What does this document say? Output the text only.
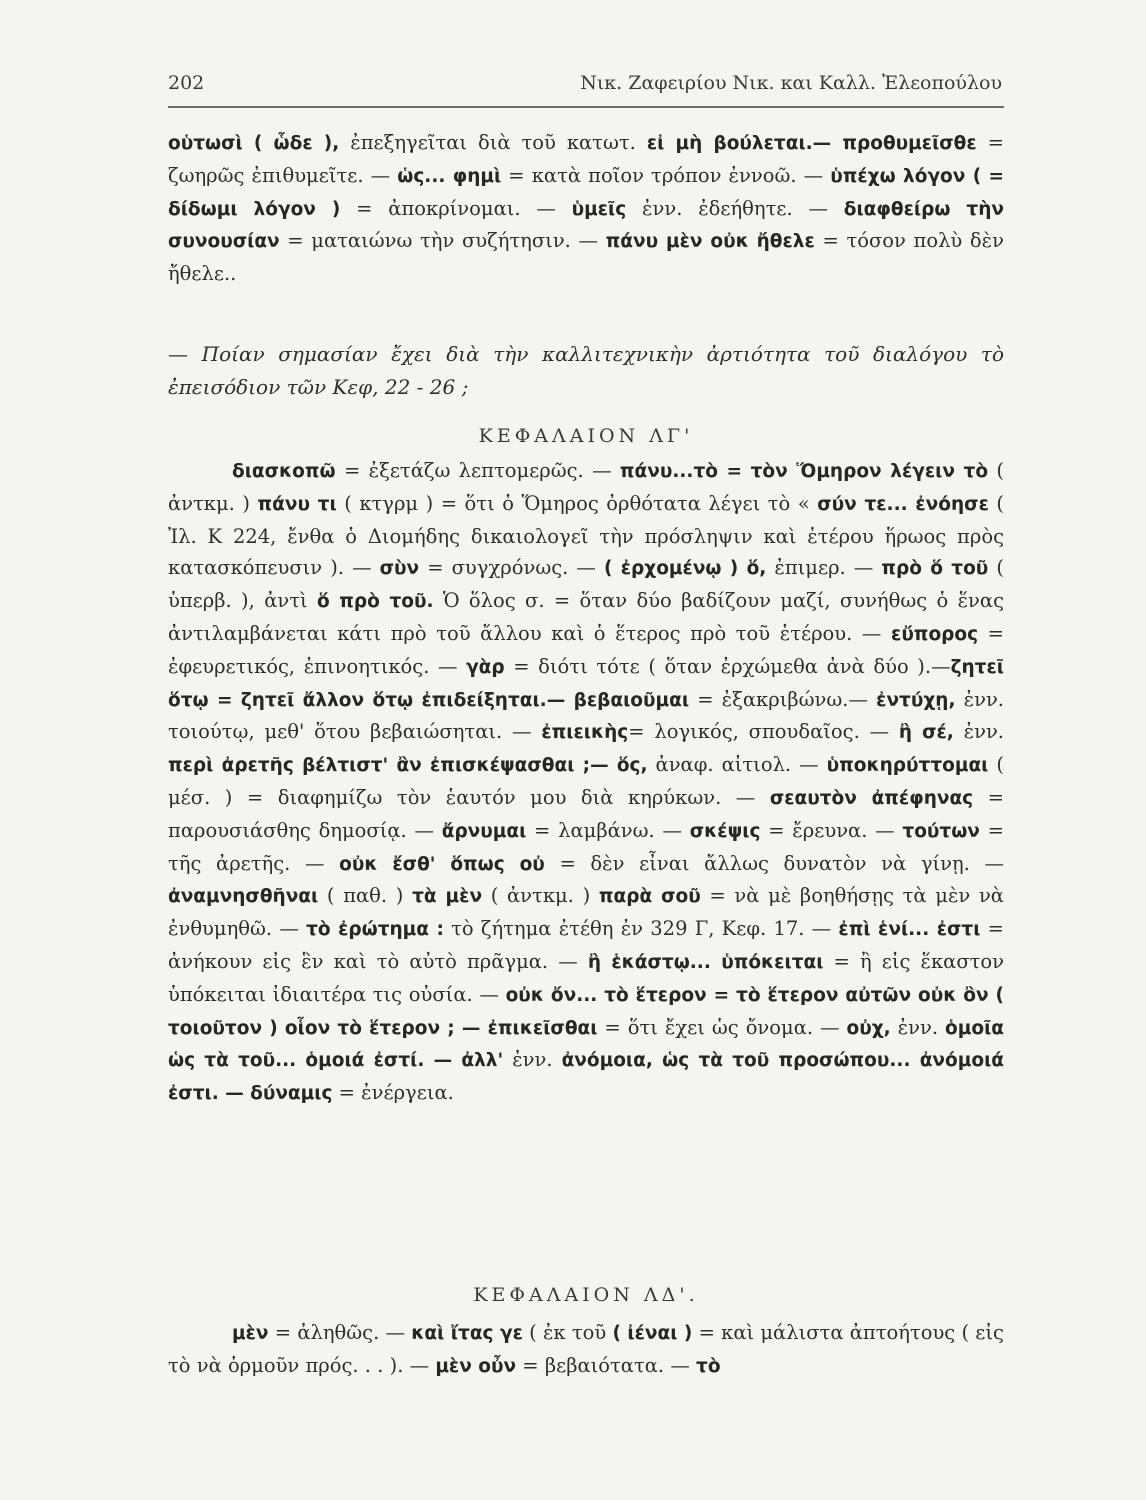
202	Νικ. Ζαφειρίου Νικ. και Καλλ. Ἐλεοπούλου

οὑτωσὶ ( ὧδε ), ἐπεξηγεῖται διὰ τοῦ κατωτ. εἰ μὴ βούλεται.— προθυμεῖσθε = ζωηρῶς ἐπιθυμεῖτε. — ὡς... φημὶ = κατὰ ποῖον τρόπον ἐννοῶ. — ὑπέχω λόγον ( = δίδωμι λόγον ) = ἀποκρίνομαι. — ὑμεῖς ἐνν. ἐδεήθητε. — διαφθείρω τὴν συνουσίαν = ματαιώνω τὴν συζήτησιν. — πάνυ μὲν οὐκ ἤθελε = τόσον πολὺ δὲν ἤθελε..

— Ποίαν σημασίαν ἔχει διὰ τὴν καλλιτεχνικὴν ἀρτιότητα τοῦ διαλόγου τὸ ἐπεισόδιον τῶν Κεφ, 22 - 26 ;

ΚΕΦΑΛΑΙΟΝ ΛΓ'

διασκοπῶ = ἐξετάζω λεπτομερῶς. — πάνυ...τὸ = τὸν Ὅμηρον λέγειν τὸ ( ἀντκμ. ) πάνυ τι ( κτγρμ ) = ὅτι ὁ Ὅμηρος ὀρθότατα λέγει τὸ « σύν τε... ἐνόησε ( Ἰλ. Κ 224, ἔνθα ὁ Διομήδης δικαιολογεῖ τὴν πρόσληψιν καὶ ἑτέρου ἥρωος πρὸς κατασκόπευσιν ). — σὺν = συγχρόνως. — ( ἐρχομένῳ ) ὅ, ἐπιμερ. — πρὸ ὅ τοῦ ( ὑπερβ. ), ἀντὶ ὅ πρὸ τοῦ. Ὁ ὅλος σ. = ὅταν δύο βαδίζουν μαζί, συνήθως ὁ ἕνας ἀντιλαμβάνεται κάτι πρὸ τοῦ ἄλλου καὶ ὁ ἕτερος πρὸ τοῦ ἑτέρου. — εὔπορος = ἐφευρετικός, ἐπινοητικός. — γὰρ = διότι τότε ( ὅταν ἐρχώμεθα ἀνὰ δύο ).—ζητεῖ ὅτῳ = ζητεῖ ἄλλον ὅτῳ ἐπιδείξηται.— βεβαιοῦμαι = ἐξακριβώνω.— ἐντύχῃ, ἐνν. τοιούτῳ, μεθ' ὅτου βεβαιώσηται. — ἐπιεικὴς= λογικός, σπουδαῖος. — ἢ σέ, ἐνν. περὶ ἀρετῆς βέλτιστ' ἂν ἐπισκέψασθαι ;— ὅς, ἀναφ. αἰτιολ. — ὑποκηρύττομαι ( μέσ. ) = διαφημίζω τὸν ἑαυτόν μου διὰ κηρύκων. — σεαυτὸν ἀπέφηνας = παρουσιάσθης δημοσίᾳ. — ἄρνυμαι = λαμβάνω. — σκέψις = ἔρευνα. — τούτων = τῆς ἀρετῆς. — οὐκ ἔσθ' ὅπως οὐ = δὲν εἶναι ἄλλως δυνατὸν νὰ γίνῃ. — ἀναμνησθῆναι ( παθ. ) τὰ μὲν ( ἀντκμ. ) παρὰ σοῦ = νὰ μὲ βοηθήσῃς τὰ μὲν νὰ ἐνθυμηθῶ. — τὸ ἐρώτημα : τὸ ζήτημα ἐτέθη ἐν 329 Γ, Κεφ. 17. — ἐπὶ ἑνί... ἐστι = ἀνήκουν εἰς ἓν καὶ τὸ αὐτὸ πρᾶγμα. — ἢ ἑκάστῳ... ὑπόκειται = ἢ εἰς ἕκαστον ὑπόκειται ἰδιαιτέρα τις οὐσία. — οὐκ ὄν... τὸ ἕτερον = τὸ ἕτερον αὐτῶν οὐκ ὂν ( τοιοῦτον ) οἷον τὸ ἕτερον ; — ἐπικεῖσθαι = ὅτι ἔχει ὡς ὄνομα. — οὐχ, ἐνν. ὁμοῖα ὡς τὰ τοῦ... ὁμοιά ἐστί. — ἀλλ' ἐνν. ἀνόμοια, ὡς τὰ τοῦ προσώπου... ἀνόμοιά ἐστι. — δύναμις = ἐνέργεια.

ΚΕΦΑΛΑΙΟΝ ΛΔ'.

μὲν = ἀληθῶς. — καὶ ἴτας γε ( ἐκ τοῦ ( ἰέναι ) = καὶ μάλιστα ἀπτοήτους ( εἰς τὸ νὰ ὁρμοῦν πρός. . . ). — μὲν οὖν = βεβαιότατα. — τὸ
